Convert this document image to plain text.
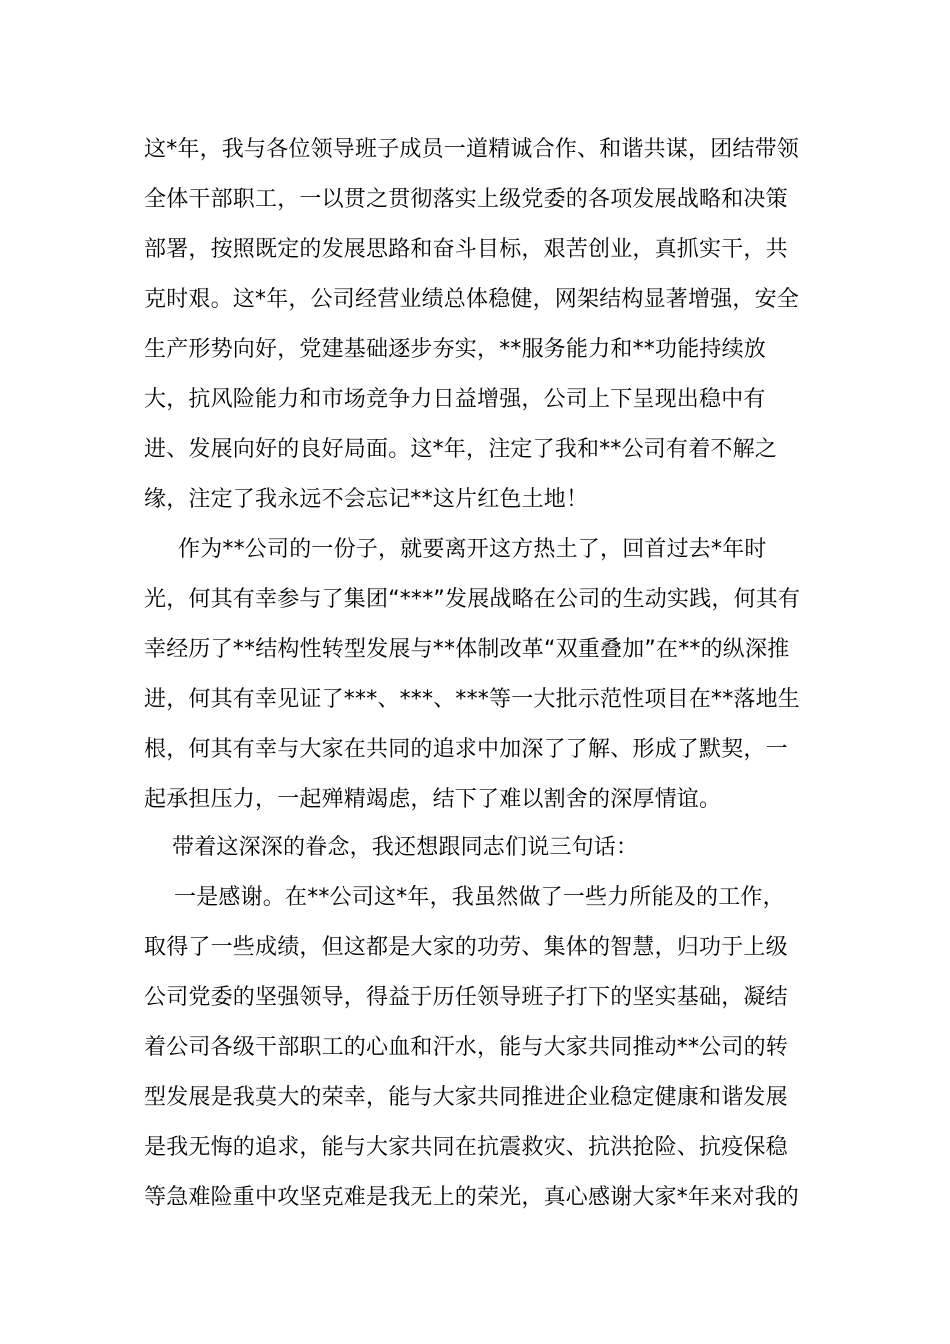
这*年，我与各位领导班子成员一道精诚合作、和谐共谋，团结带领
全体干部职工，一以贯之贯彻落实上级党委的各项发展战略和决策
部署，按照既定的发展思路和奋斗目标，艰苦创业，真抓实干，共
克时艰。这*年，公司经营业绩总体稳健，网架结构显著增强，安全
生产形势向好，党建基础逐步夯实，**服务能力和**功能持续放
大，抗风险能力和市场竞争力日益增强，公司上下呈现出稳中有
进、发展向好的良好局面。这*年，注定了我和**公司有着不解之
缘，注定了我永远不会忘记**这片红色土地！
作为**公司的一份子，就要离开这方热土了，回首过去*年时
光，何其有幸参与了集团“***”发展战略在公司的生动实践，何其有
幸经历了**结构性转型发展与**体制改革“双重叠加”在**的纵深推
进，何其有幸见证了***、***、***等一大批示范性项目在**落地生
根，何其有幸与大家在共同的追求中加深了了解、形成了默契，一
起承担压力，一起殚精竭虑，结下了难以割舍的深厚情谊。
带着这深深的眷念，我还想跟同志们说三句话：
一是感谢。在**公司这*年，我虽然做了一些力所能及的工作，
取得了一些成绩，但这都是大家的功劳、集体的智慧，归功于上级
公司党委的坚强领导，得益于历任领导班子打下的坚实基础，凝结
着公司各级干部职工的心血和汗水，能与大家共同推动**公司的转
型发展是我莫大的荣幸，能与大家共同推进企业稳定健康和谐发展
是我无悔的追求，能与大家共同在抗震救灾、抗洪抢险、抗疫保稳
等急难险重中攻坚克难是我无上的荣光，真心感谢大家*年来对我的
